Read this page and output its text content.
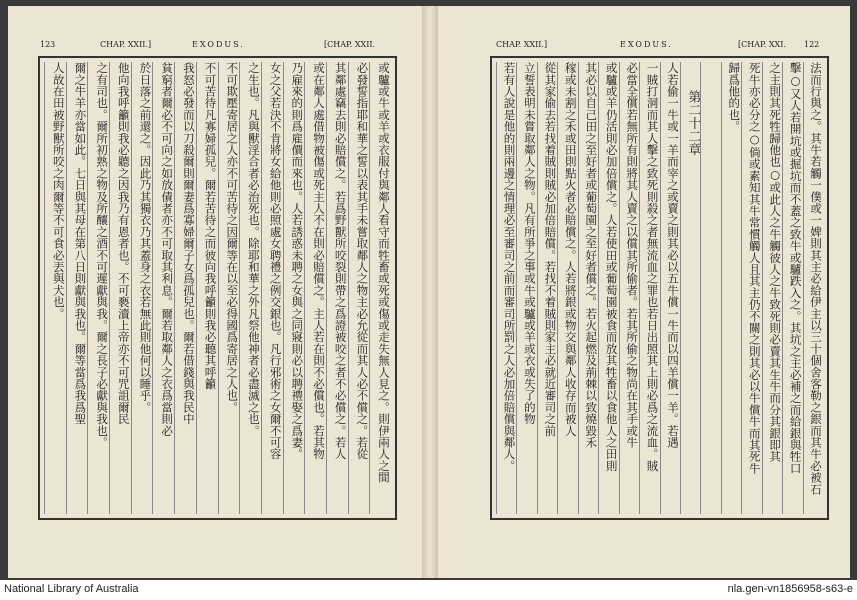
123	CHAP. XXII.]	EXODUS.	[CHAP. XXII.
或驢或牛或羊或衣服付與鄰人看守而牲畜或死或傷或走失無人見之。則伊兩人之間
必發誓指耶和華之誓以表其手未嘗取鄰人之物主必允從而其人必不償之。若從
其鄰處竊去則必賠償之。若爲野獸所咬裂則帶之爲證被咬之者不必償之。若人
或在鄰人處借物被傷或死主人不在則必賠償之。主人若在則不必償也。若其物
乃雇來的則爲雇價而來也。人若誘惑未聘之女與之同寢則必以聘禮娶之爲妻。
女之父若決不肯將女給他則必照處女聘禮之例交銀也。凡行邪術之女爾不可容
之生也。凡與獸淫合者必治死也。除耶和華之外凡祭他神者必盡滅之也。
不可欺壓寄居之人亦不可苦待之因爾等在以至必得國爲寄居之人也。
不可苦待凡寡婦孤兒。爾若苦待之而彼向我呼籲則我必聽其呼籲
我怒必發而以刀殺爾則爾妻爲寡婦爾子女爲孤兒也。爾若借錢與我民中
貧窮者爾必不可向之如放債者亦不可取其利息。爾若取鄰人之衣爲當則必
於日落之前還之。因此乃其獨衣乃其蓋身之衣若無此則他何以睡乎。
他向我呼籲則我必聽之因我乃有恩者也。不可褻瀆上帝亦不可咒詛爾民
之有司也。爾所初熟之物及所釀之酒不可遲獻與我。爾之長子必獻與我也。
爾之牛羊亦當如此。七日與其母在第八日則獻與我也。爾等當爲我爲聖
人故在田被野獸所咬之肉爾等不可食必丟與犬也。
CHAP. XXII.]	EXODUS.	[CHAP. XXI. 122
法而行與之。其牛若觸一僕或一婢則其主必給伊主以三十個舍客勒之銀而其牛必被石
擊○又人若開坑或掘坑而不蓋之致牛或驢跌入之。其坑之主必補之而給銀與牲口
之主則其死牲歸他也○或此人之牛觸彼人之牛致死則必賣其生牛而分其銀即其
死牛亦必分之○倘或素知其牛常慣觸人且其主仍不關之則其必以牛償牛而其死牛
歸爲他的也。
第二十二章
人若偷一牛或一羊而宰之或賣之則其必以五牛償一牛而以四羊償一羊。若遇
一賊打洞而其人擊之致死則殺之者無流血之罪也若日出照其上則必爲之流血。賊
必當全償若無所有則將其人賣之以償其所偷者。若其所偷之物尚在其手或牛
或驢或羊仍活則必加倍償之。人若使田或葡萄園被食而放其牲畜以食他人之田則
其必以自己田之至好者或葡萄園之至好者償之。若火起燃及荊棘以致燒毀禾
稼或未割之禾或田則點火者必賠償之。人若將銀或物交與鄰人收存而被人
從其家偷去若找着賊則賊必加倍賠償。若找不着賊則家主必就近審司之前
立誓表明未嘗取鄰人之物。凡有所爭之事或牛或驢或羊或衣或失了的物
若有人說是他的則兩邊之情理必至審司之前而審司所罰之人必加倍賠償與鄰人。
National Library of Australia	nla.gen-vn1856958-s63-e
